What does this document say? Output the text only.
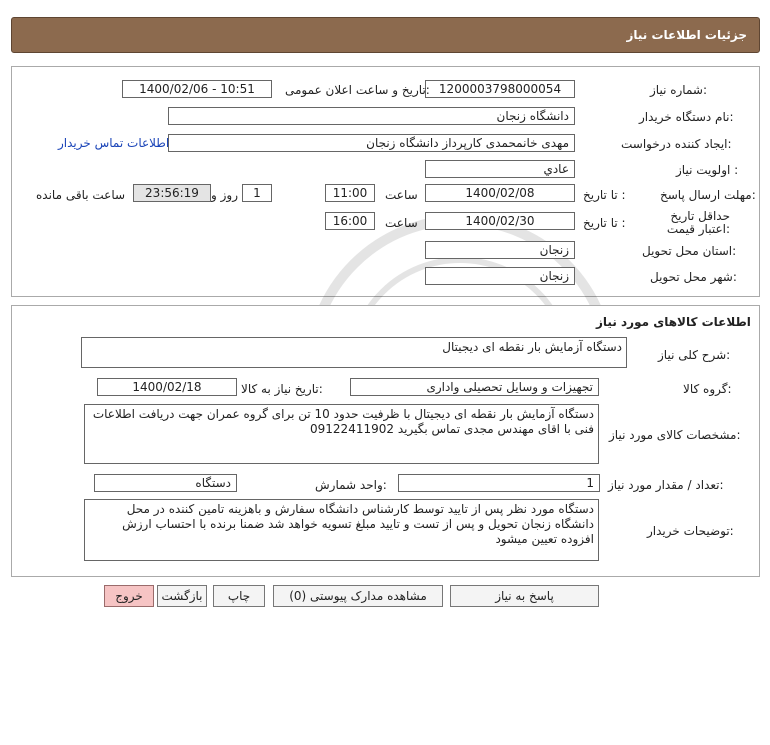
جزئیات اطلاعات نیاز
شماره نیاز:
1200003798000054
تاریخ و ساعت اعلان عمومی:
1400/02/06 - 10:51
نام دستگاه خریدار:
دانشگاه زنجان
ایجاد کننده درخواست:
مهدی خانمحمدی کارپرداز دانشگاه زنجان
اطلاعات تماس خریدار
اولویت نیاز :
عادي
مهلت ارسال پاسخ:
تا تاریخ :
1400/02/08
ساعت
11:00
1
روز و
23:56:19
ساعت باقی مانده
حداقل تاریخ اعتبار قیمت:
تا تاریخ :
1400/02/30
ساعت
16:00
استان محل تحویل:
زنجان
شهر محل تحویل:
زنجان
اطلاعات کالاهای مورد نیاز
شرح کلی نیاز:
دستگاه آزمایش بار نقطه ای دیجیتال
گروه کالا:
تجهیزات و وسایل تحصیلی واداری
تاریخ نیاز به کالا:
1400/02/18
مشخصات کالای مورد نیاز:
دستگاه آزمایش بار نقطه ای دیجیتال با ظرفیت حدود 10 تن برای گروه عمران جهت دریافت اطلاعات فنی با اقای مهندس مجدی تماس بگیرید 09122411902
تعداد / مقدار مورد نیاز:
1
واحد شمارش:
دستگاه
توضیحات خریدار:
دستگاه مورد نظر پس از تایید توسط کارشناس دانشگاه سفارش و باهزینه تامین کننده در محل دانشگاه زنجان تحویل و پس از تست و تایید مبلغ تسویه خواهد شد ضمنا برنده با احتساب ارزش افزوده تعیین میشود
پاسخ به نیاز
مشاهده مدارک پیوستی (0)
چاپ
بازگشت
خروج
